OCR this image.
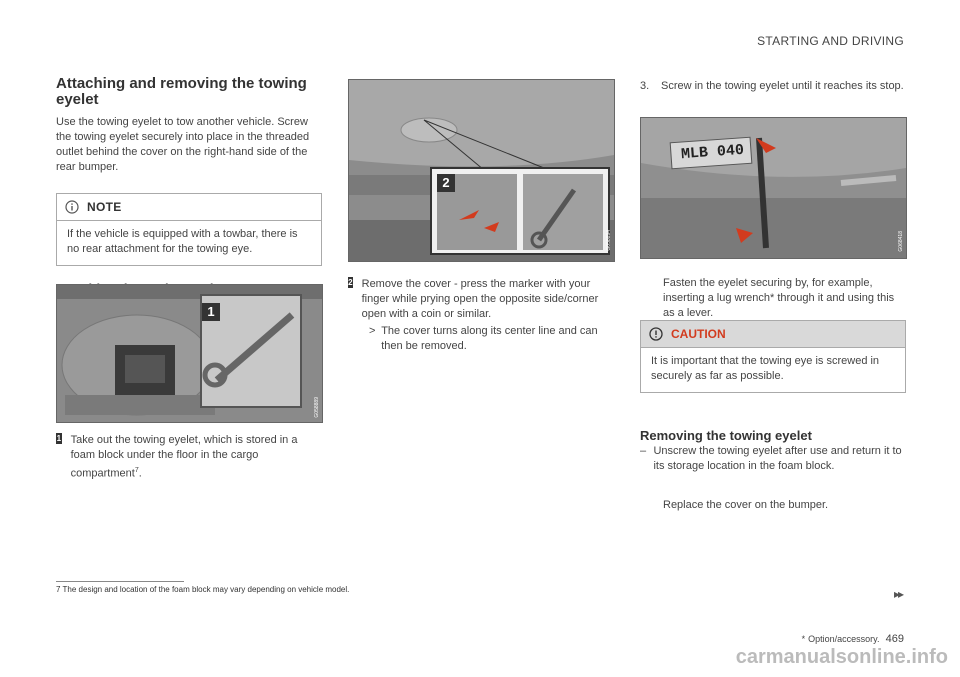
STARTING AND DRIVING
Attaching and removing the towing eyelet

Use the towing eyelet to tow another vehicle. Screw the towing eyelet securely into place in the threaded outlet behind the cover on the right-hand side of the rear bumper.

NOTE

If the vehicle is equipped with a towbar, there is no rear attachment for the towing eye.

1
G058889
1 Take out the towing eyelet, which is stored in a foam block under the floor in the cargo compartment$^7$.

2
G058894
2 Remove the cover - press the marker with your finger while prying open the opposite side/corner open with a coin or similar.

> The cover turns along its center line and can then be removed.

3.	Screw in the towing eyelet until it reaches its stop.

MLB 040
G068418

Fasten the eyelet securing by, for example, inserting a lug wrench* through it and using this as a lever.

CAUTION

It is important that the towing eye is screwed in securely as far as possible.

Removing the towing eyelet
– Unscrew the towing eyelet after use and return it to its storage location in the foam block.

Replace the cover on the bumper.

7 The design and location of the foam block may vary depending on vehicle model.	▸▸
* Option/accessory. 469
carmanualsonline.info
